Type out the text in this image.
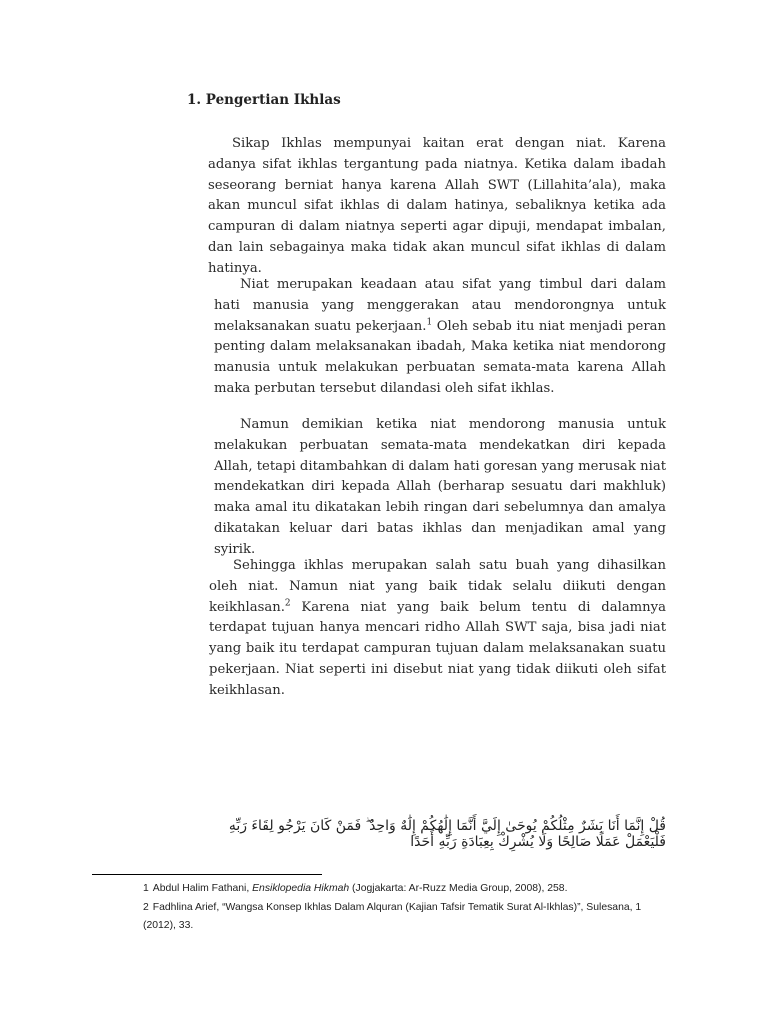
1. Pengertian Ikhlas

Sikap Ikhlas mempunyai kaitan erat dengan niat. Karena adanya sifat ikhlas tergantung pada niatnya. Ketika dalam ibadah seseorang berniat hanya karena Allah SWT (Lillahita’ala), maka akan muncul sifat ikhlas di dalam hatinya, sebaliknya ketika ada campuran di dalam niatnya seperti agar dipuji, mendapat imbalan, dan lain sebagainya maka tidak akan muncul sifat ikhlas di dalam hatinya.

Niat merupakan keadaan atau sifat yang timbul dari dalam hati manusia yang menggerakan atau mendorongnya untuk melaksanakan suatu pekerjaan.$^1$ Oleh sebab itu niat menjadi peran penting dalam melaksanakan ibadah, Maka ketika niat mendorong manusia untuk melakukan perbuatan semata-mata karena Allah maka perbutan tersebut dilandasi oleh sifat ikhlas.

Namun demikian ketika niat mendorong manusia untuk melakukan perbuatan semata-mata mendekatkan diri kepada Allah, tetapi ditambahkan di dalam hati goresan yang merusak niat mendekatkan diri kepada Allah (berharap sesuatu dari makhluk) maka amal itu dikatakan lebih ringan dari sebelumnya dan amalya dikatakan keluar dari batas ikhlas dan menjadikan amal yang syirik.

Sehingga ikhlas merupakan salah satu buah yang dihasilkan oleh niat. Namun niat yang baik tidak selalu diikuti dengan keikhlasan.$^2$ Karena niat yang baik belum tentu di dalamnya terdapat tujuan hanya mencari ridho Allah SWT saja, bisa jadi niat yang baik itu terdapat campuran tujuan dalam melaksanakan suatu pekerjaan. Niat seperti ini disebut niat yang tidak diikuti oleh sifat keikhlasan.

قُلْ إِنَّمَا أَنَا بَشَرٌ مِثْلُكُمْ يُوحَىٰ إِلَيَّ أَنَّمَا إِلَٰهُكُمْ إِلَٰهٌ وَاحِدٌ ۖ فَمَنْ كَانَ يَرْجُو لِقَاءَ رَبِّهِ فَلْيَعْمَلْ عَمَلًا صَالِحًا وَلَا يُشْرِكْ بِعِبَادَةِ رَبِّهِ أَحَدًا

1 Abdul Halim Fathani, Ensiklopedia Hikmah (Jogjakarta: Ar-Ruzz Media Group, 2008), 258.

2 Fadhlina Arief, “Wangsa Konsep Ikhlas Dalam Alquran (Kajian Tafsir Tematik Surat Al-Ikhlas)”, Sulesana, 1 (2012), 33.
